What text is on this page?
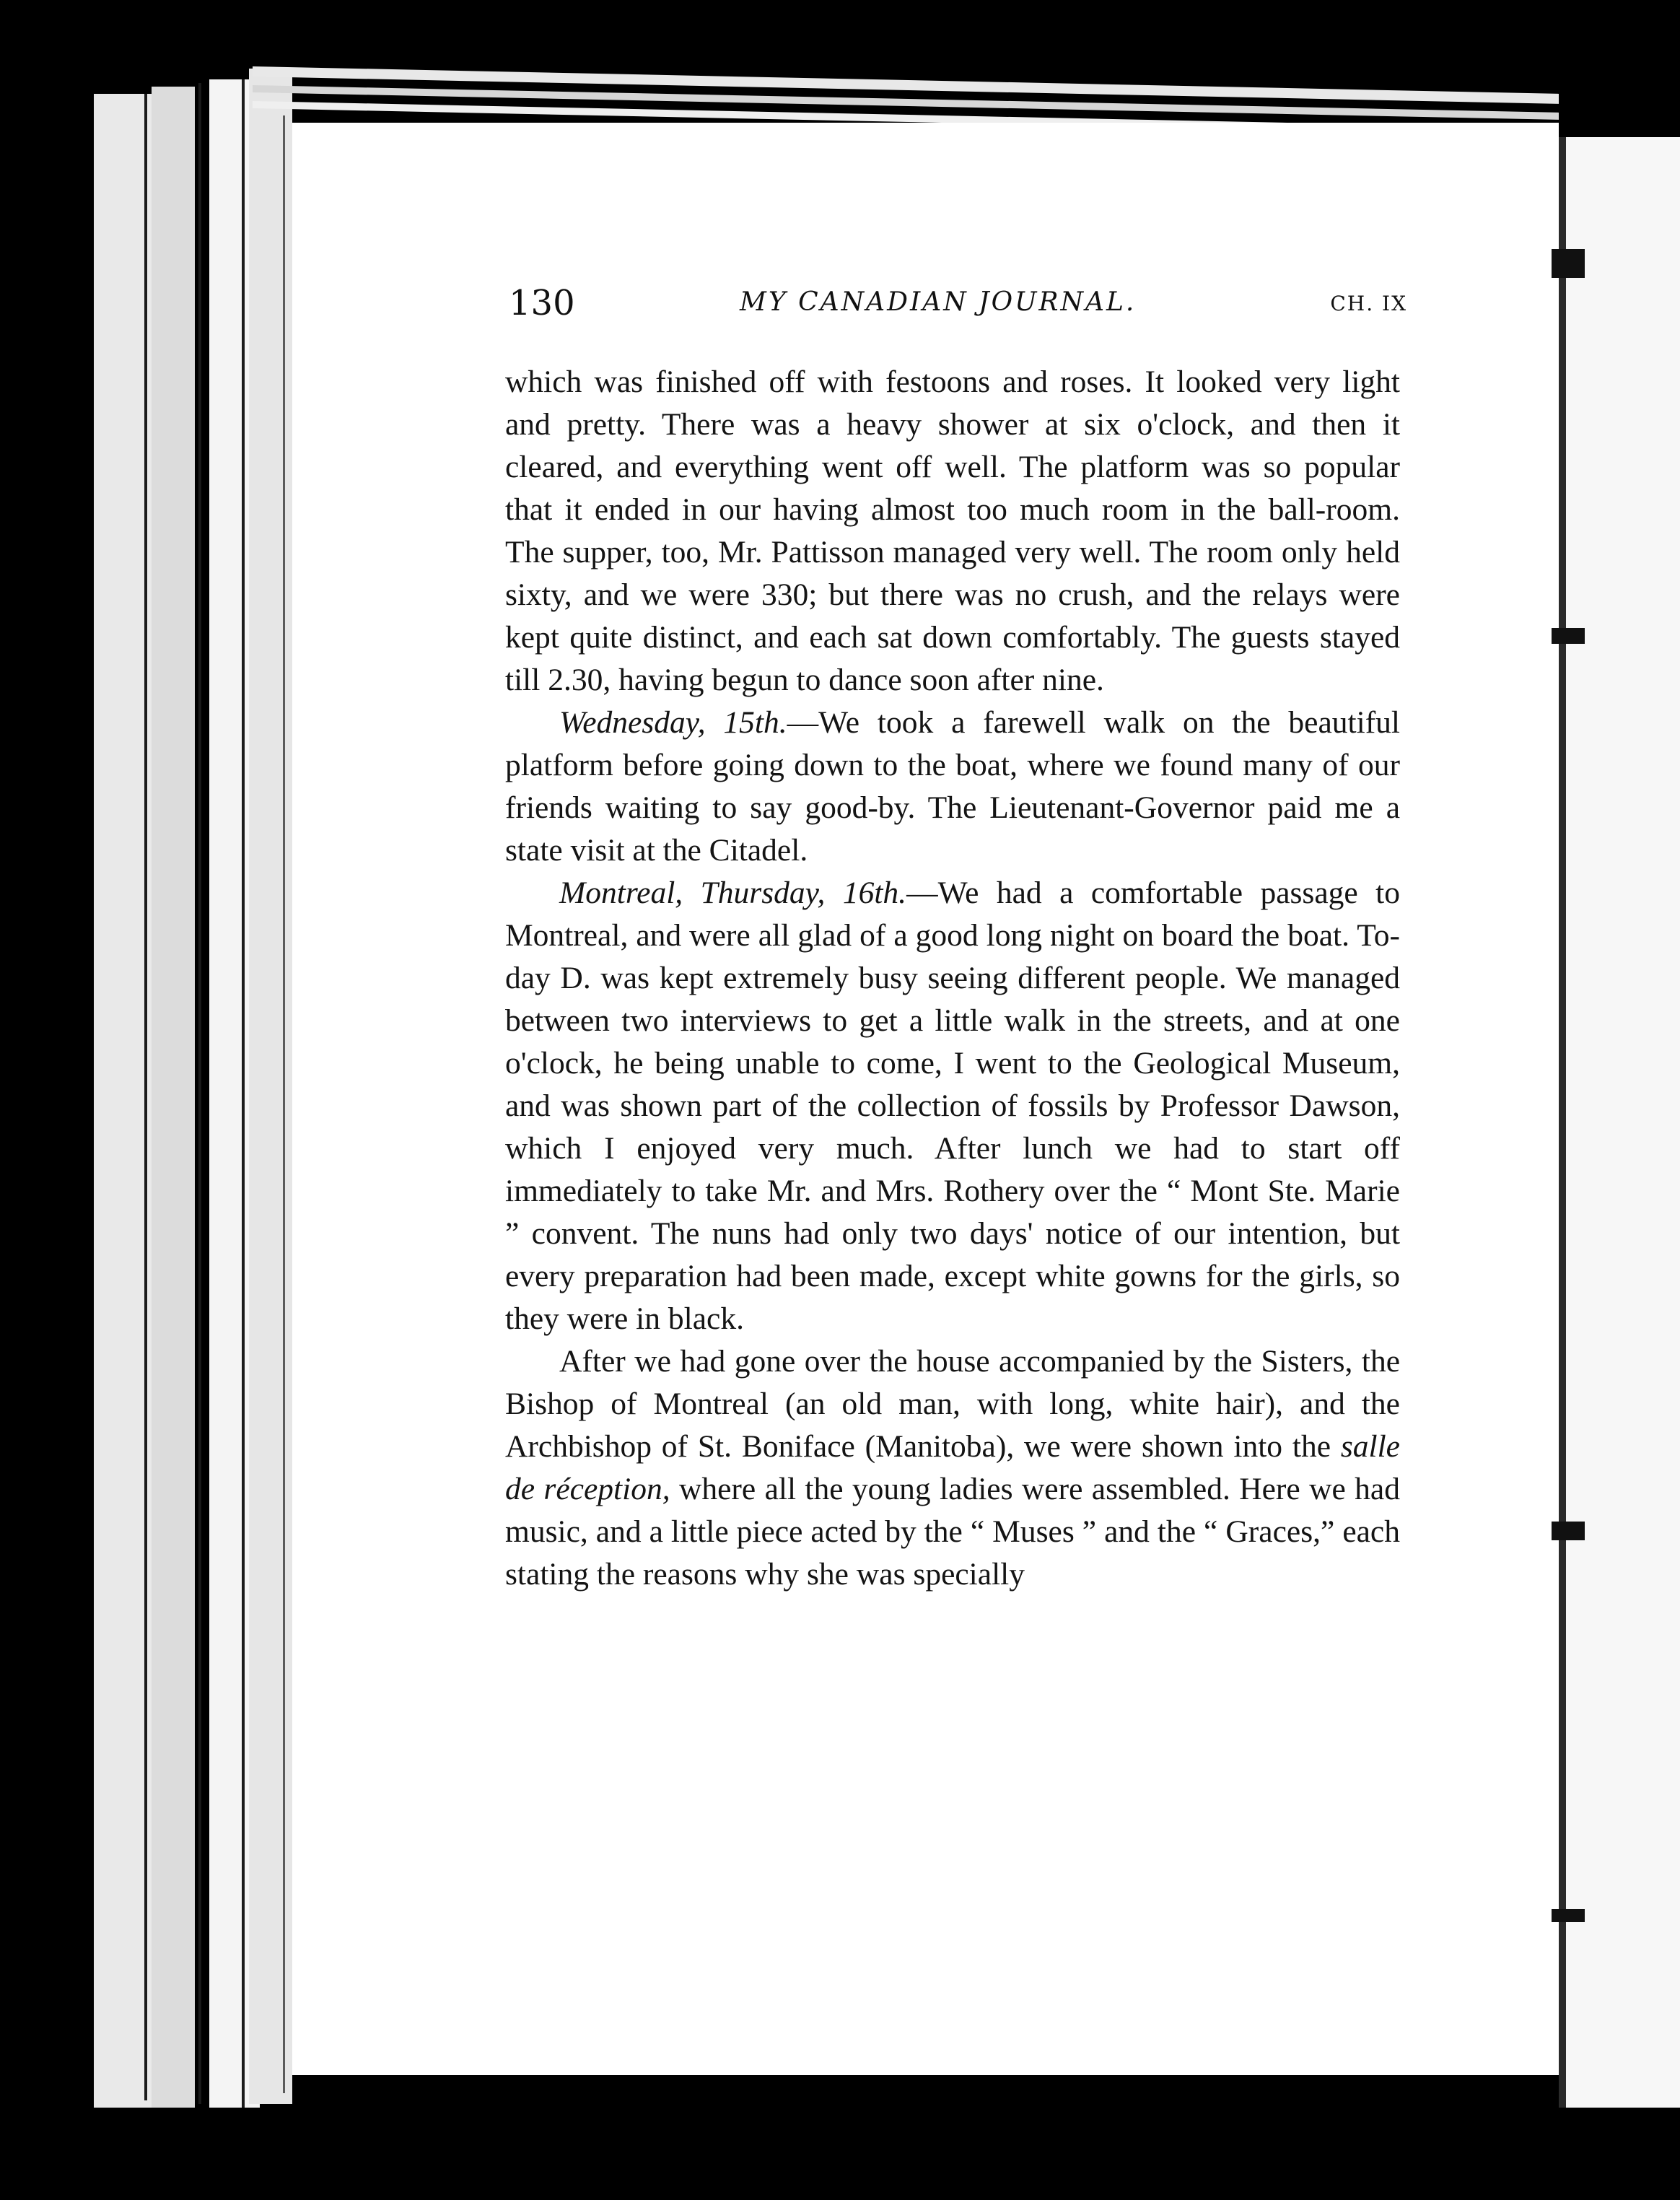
130	MY CANADIAN JOURNAL.	CH. IX

which was finished off with festoons and roses. It looked very light and pretty. There was a heavy shower at six o'clock, and then it cleared, and everything went off well. The platform was so popular that it ended in our having almost too much room in the ball-room. The supper, too, Mr. Pattisson managed very well. The room only held sixty, and we were 330; but there was no crush, and the relays were kept quite distinct, and each sat down comfortably. The guests stayed till 2.30, having begun to dance soon after nine.

Wednesday, 15th.—We took a farewell walk on the beautiful platform before going down to the boat, where we found many of our friends waiting to say good-by. The Lieutenant-Governor paid me a state visit at the Citadel.

Montreal, Thursday, 16th.—We had a comfortable passage to Montreal, and were all glad of a good long night on board the boat. To-day D. was kept extremely busy seeing different people. We managed between two interviews to get a little walk in the streets, and at one o'clock, he being unable to come, I went to the Geological Museum, and was shown part of the collection of fossils by Professor Dawson, which I enjoyed very much. After lunch we had to start off immediately to take Mr. and Mrs. Rothery over the “ Mont Ste. Marie ” convent. The nuns had only two days' notice of our intention, but every preparation had been made, except white gowns for the girls, so they were in black.

After we had gone over the house accompanied by the Sisters, the Bishop of Montreal (an old man, with long, white hair), and the Archbishop of St. Boniface (Manitoba), we were shown into the salle de réception, where all the young ladies were assembled. Here we had music, and a little piece acted by the “ Muses ” and the “ Graces,” each stating the reasons why she was specially
